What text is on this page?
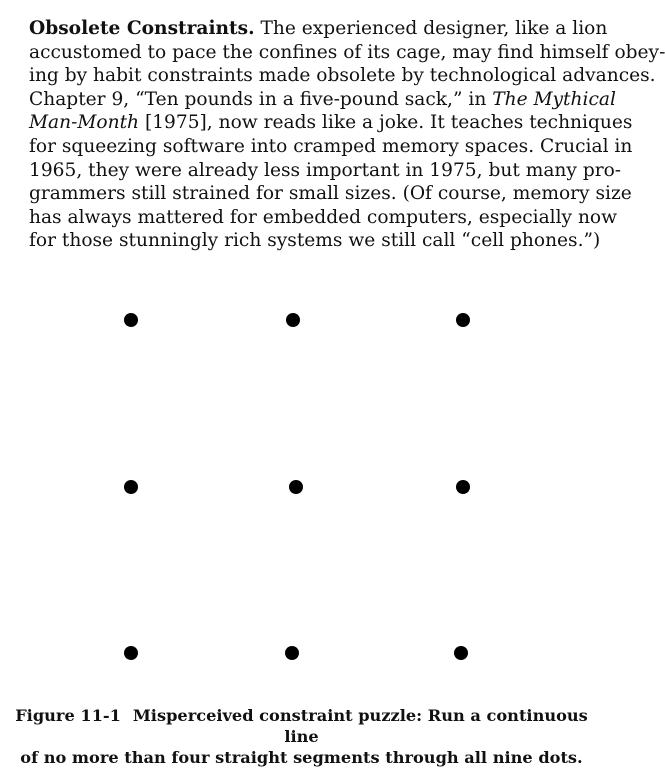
Obsolete Constraints. The experienced designer, like a lion
accustomed to pace the confines of its cage, may find himself obey-
ing by habit constraints made obsolete by technological advances.
Chapter 9, “Ten pounds in a five-pound sack,” in The Mythical
Man-Month [1975], now reads like a joke. It teaches techniques
for squeezing software into cramped memory spaces. Crucial in
1965, they were already less important in 1975, but many pro-
grammers still strained for small sizes. (Of course, memory size
has always mattered for embedded computers, especially now
for those stunningly rich systems we still call “cell phones.”)
Figure 11-1 Misperceived constraint puzzle: Run a continuous line
of no more than four straight segments through all nine dots.
